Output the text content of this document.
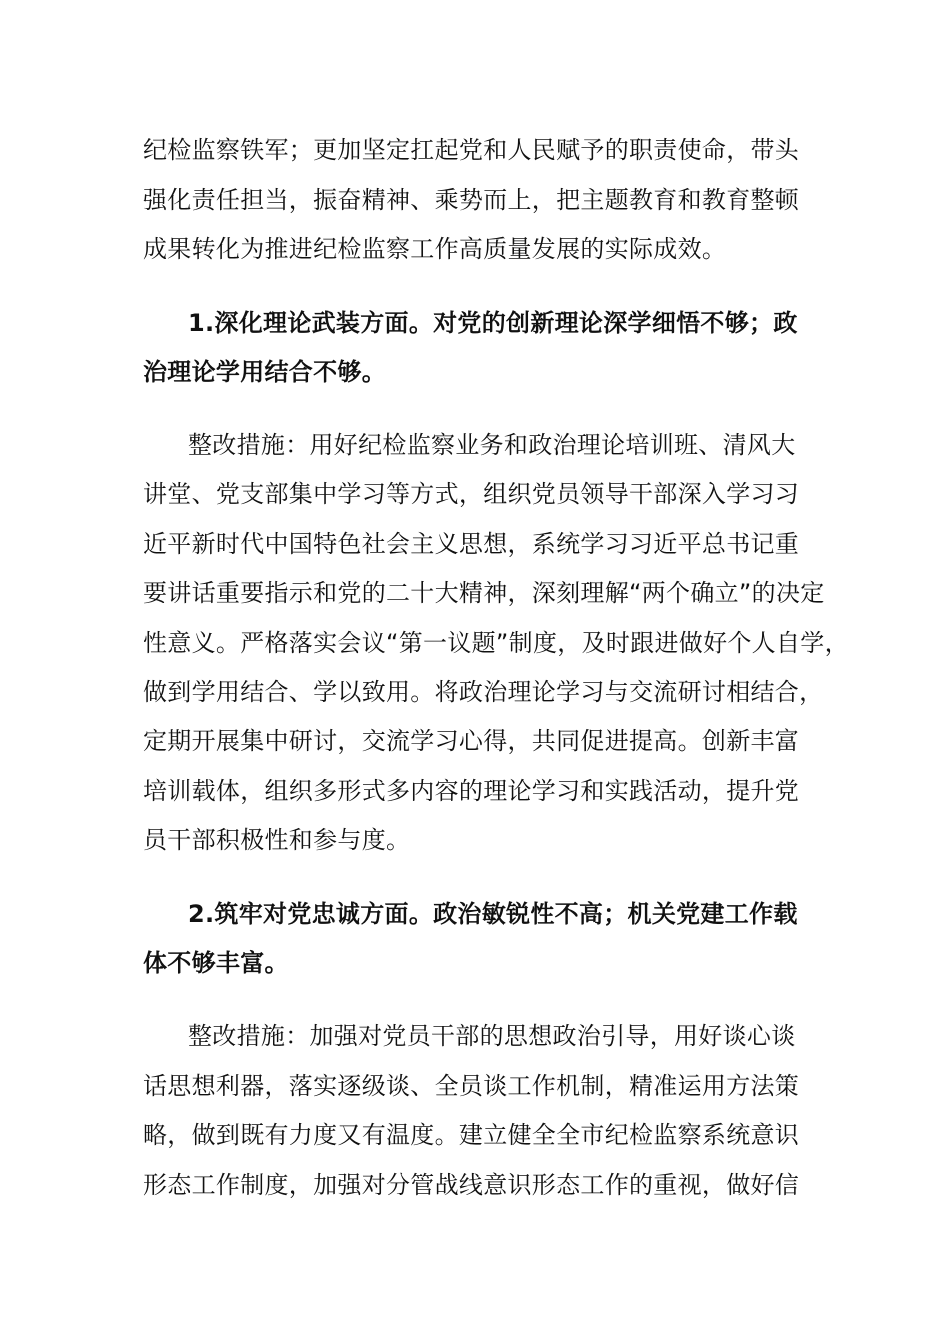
纪检监察铁军；更加坚定扛起党和人民赋予的职责使命，带头
强化责任担当，振奋精神、乘势而上，把主题教育和教育整顿
成果转化为推进纪检监察工作高质量发展的实际成效。
1.深化理论武装方面。对党的创新理论深学细悟不够；政
治理论学用结合不够。
整改措施：用好纪检监察业务和政治理论培训班、清风大
讲堂、党支部集中学习等方式，组织党员领导干部深入学习习
近平新时代中国特色社会主义思想，系统学习习近平总书记重
要讲话重要指示和党的二十大精神，深刻理解“两个确立”的决定
性意义。严格落实会议“第一议题”制度，及时跟进做好个人自学，
做到学用结合、学以致用。将政治理论学习与交流研讨相结合，
定期开展集中研讨，交流学习心得，共同促进提高。创新丰富
培训载体，组织多形式多内容的理论学习和实践活动，提升党
员干部积极性和参与度。
2.筑牢对党忠诚方面。政治敏锐性不高；机关党建工作载
体不够丰富。
整改措施：加强对党员干部的思想政治引导，用好谈心谈
话思想利器，落实逐级谈、全员谈工作机制，精准运用方法策
略，做到既有力度又有温度。建立健全全市纪检监察系统意识
形态工作制度，加强对分管战线意识形态工作的重视，做好信
